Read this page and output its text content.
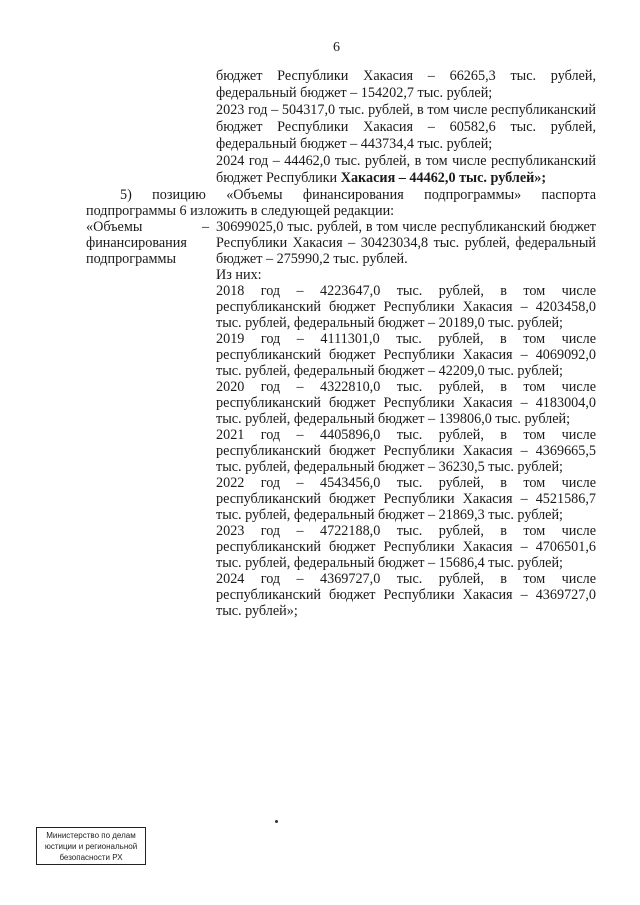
6
бюджет Республики Хакасия – 66265,3 тыс. рублей,
федеральный бюджет – 154202,7 тыс. рублей;
2023 год – 504317,0 тыс. рублей, в том числе республиканский
бюджет Республики Хакасия – 60582,6 тыс. рублей,
федеральный бюджет – 443734,4 тыс. рублей;
2024 год – 44462,0 тыс. рублей, в том числе республиканский
бюджет Республики Хакасия – 44462,0 тыс. рублей»;
5) позицию «Объемы финансирования подпрограммы» паспорта
подпрограммы 6 изложить в следующей редакции:
«Объемы
финансирования
подпрограммы
– 30699025,0 тыс. рублей, в том числе республиканский бюджет
Республики Хакасия – 30423034,8 тыс. рублей, федеральный
бюджет – 275990,2 тыс. рублей.
Из них:
2018 год – 4223647,0 тыс. рублей, в том числе
республиканский бюджет Республики Хакасия – 4203458,0
тыс. рублей, федеральный бюджет – 20189,0 тыс. рублей;
2019 год – 4111301,0 тыс. рублей, в том числе
республиканский бюджет Республики Хакасия – 4069092,0
тыс. рублей, федеральный бюджет – 42209,0 тыс. рублей;
2020 год – 4322810,0 тыс. рублей, в том числе
республиканский бюджет Республики Хакасия – 4183004,0
тыс. рублей, федеральный бюджет – 139806,0 тыс. рублей;
2021 год – 4405896,0 тыс. рублей, в том числе
республиканский бюджет Республики Хакасия – 4369665,5
тыс. рублей, федеральный бюджет – 36230,5 тыс. рублей;
2022 год – 4543456,0 тыс. рублей, в том числе
республиканский бюджет Республики Хакасия – 4521586,7
тыс. рублей, федеральный бюджет – 21869,3 тыс. рублей;
2023 год – 4722188,0 тыс. рублей, в том числе
республиканский бюджет Республики Хакасия – 4706501,6
тыс. рублей, федеральный бюджет – 15686,4 тыс. рублей;
2024 год – 4369727,0 тыс. рублей, в том числе
республиканский бюджет Республики Хакасия – 4369727,0
тыс. рублей»;
Министерство по делам
юстиции и региональной
безопасности РХ
